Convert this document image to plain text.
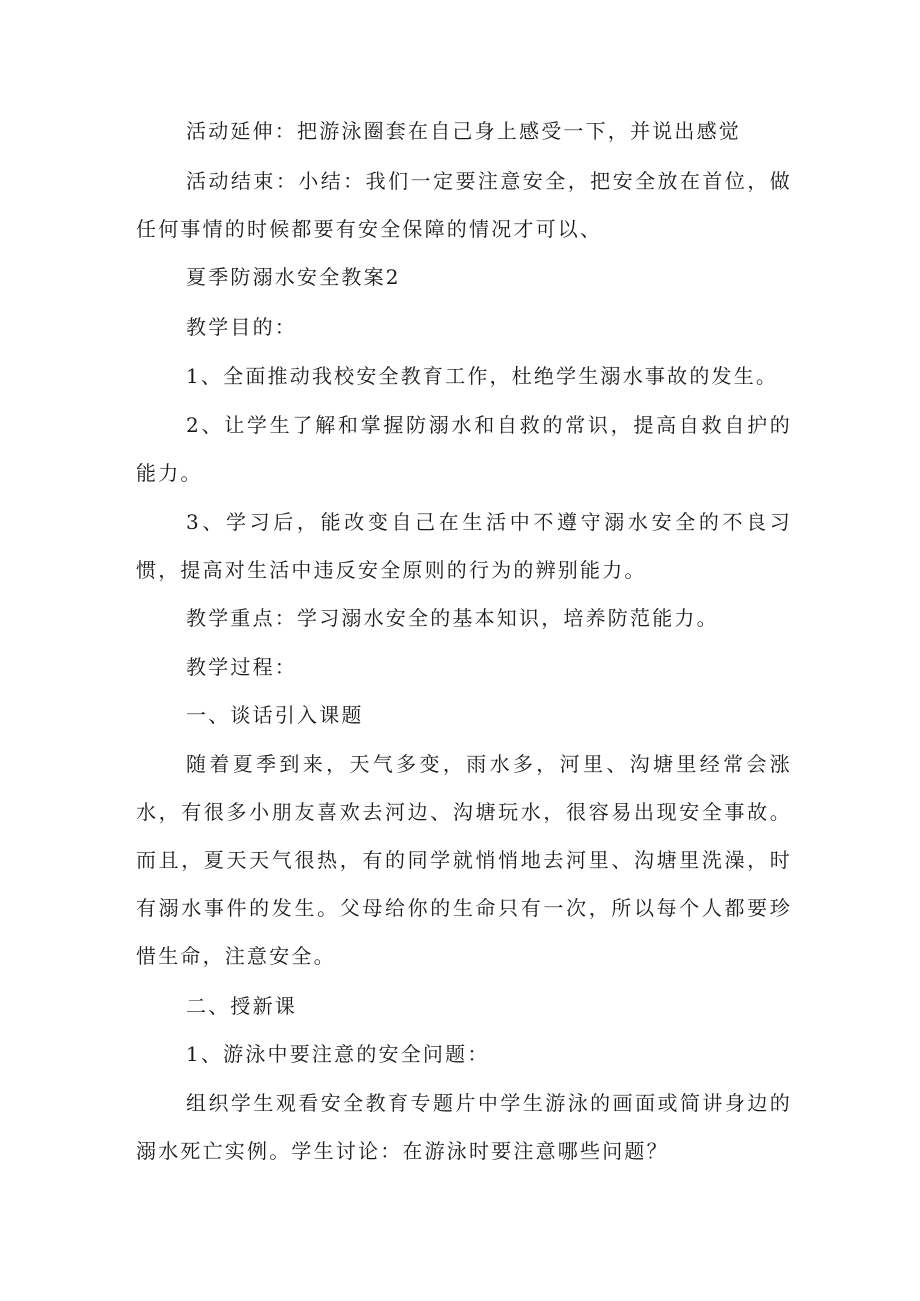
活动延伸：把游泳圈套在自己身上感受一下，并说出感觉

活动结束：小结：我们一定要注意安全，把安全放在首位，做任何事情的时候都要有安全保障的情况才可以、

夏季防溺水安全教案2

教学目的：

1、全面推动我校安全教育工作，杜绝学生溺水事故的发生。

2、让学生了解和掌握防溺水和自救的常识，提高自救自护的能力。

3、学习后，能改变自己在生活中不遵守溺水安全的不良习惯，提高对生活中违反安全原则的行为的辨别能力。

教学重点：学习溺水安全的基本知识，培养防范能力。

教学过程：

一、谈话引入课题

随着夏季到来，天气多变，雨水多，河里、沟塘里经常会涨水，有很多小朋友喜欢去河边、沟塘玩水，很容易出现安全事故。而且，夏天天气很热，有的同学就悄悄地去河里、沟塘里洗澡，时有溺水事件的发生。父母给你的生命只有一次，所以每个人都要珍惜生命，注意安全。

二、授新课

1、游泳中要注意的安全问题：

组织学生观看安全教育专题片中学生游泳的画面或简讲身边的溺水死亡实例。学生讨论：在游泳时要注意哪些问题？
